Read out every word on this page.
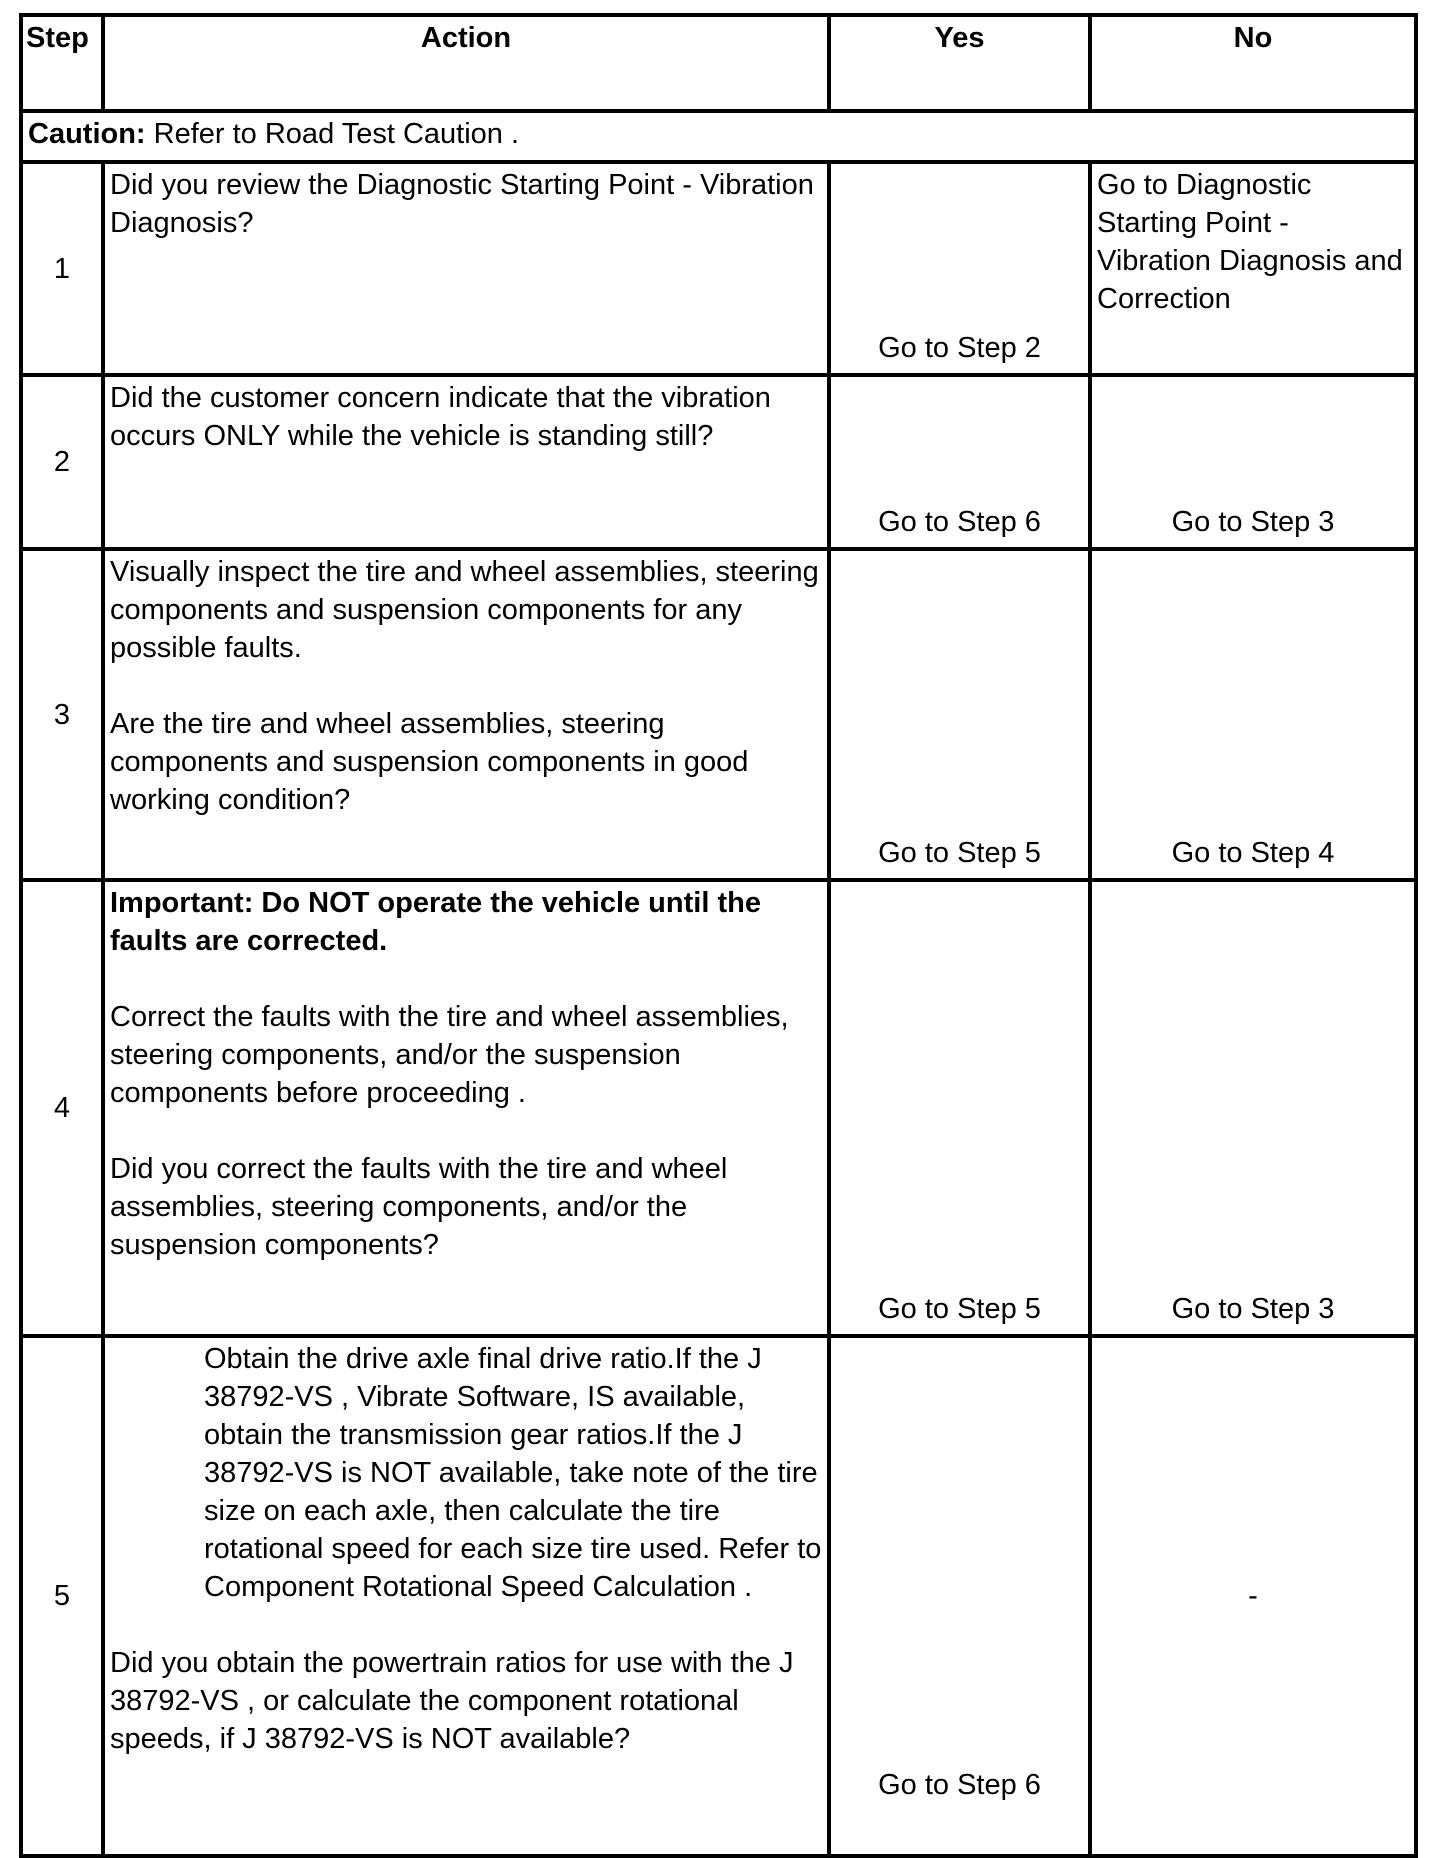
Step	Action	Yes	No
Caution: Refer to Road Test Caution .			
1	Did you review the Diagnostic Starting Point - Vibration Diagnosis?	Go to Step 2	Go to Diagnostic Starting Point - Vibration Diagnosis and Correction
2	Did the customer concern indicate that the vibration occurs ONLY while the vehicle is standing still?	Go to Step 6	Go to Step 3
3	Visually inspect the tire and wheel assemblies, steering components and suspension components for any possible faults.

Are the tire and wheel assemblies, steering components and suspension components in good working condition?	Go to Step 5	Go to Step 4
4	Important: Do NOT operate the vehicle until the faults are corrected.

Correct the faults with the tire and wheel assemblies, steering components, and/or the suspension components before proceeding .

Did you correct the faults with the tire and wheel assemblies, steering components, and/or the suspension components?	Go to Step 5	Go to Step 3
5	Obtain the drive axle final drive ratio.If the J 38792-VS , Vibrate Software, IS available, obtain the transmission gear ratios.If the J 38792-VS is NOT available, take note of the tire size on each axle, then calculate the tire rotational speed for each size tire used. Refer to Component Rotational Speed Calculation .

Did you obtain the powertrain ratios for use with the J 38792-VS , or calculate the component rotational speeds, if J 38792-VS is NOT available?	Go to Step 6	-
